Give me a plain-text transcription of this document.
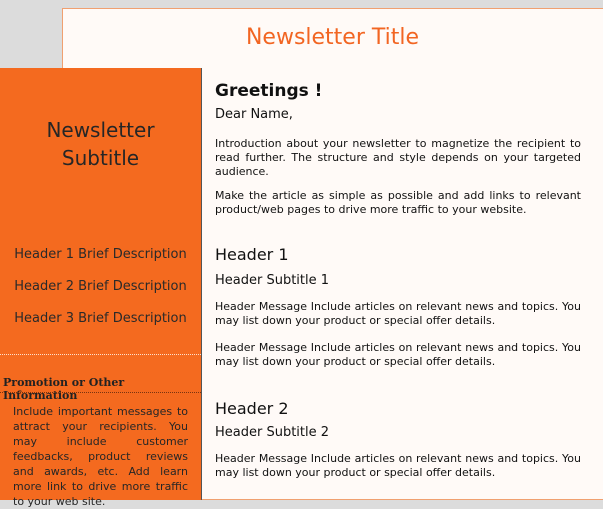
Newsletter Title
Newsletter
Subtitle
Header 1 Brief Description
Header 2 Brief Description
Header 3 Brief Description
Promotion or Other Information
Include important messages to attract your recipients. You may include customer feedbacks, product reviews and awards, etc. Add learn more link to drive more traffic to your web site.

Greetings !

Dear Name,

Introduction about your newsletter to magnetize the recipient to read further. The structure and style depends on your targeted audience.

Make the article as simple as possible and add links to relevant product/web pages to drive more traffic to your website.

Header 1

Header Subtitle 1

Header Message Include articles on relevant news and topics. You may list down your product or special offer details.

Header Message Include articles on relevant news and topics. You may list down your product or special offer details.

Header 2

Header Subtitle 2

Header Message Include articles on relevant news and topics. You may list down your product or special offer details.
